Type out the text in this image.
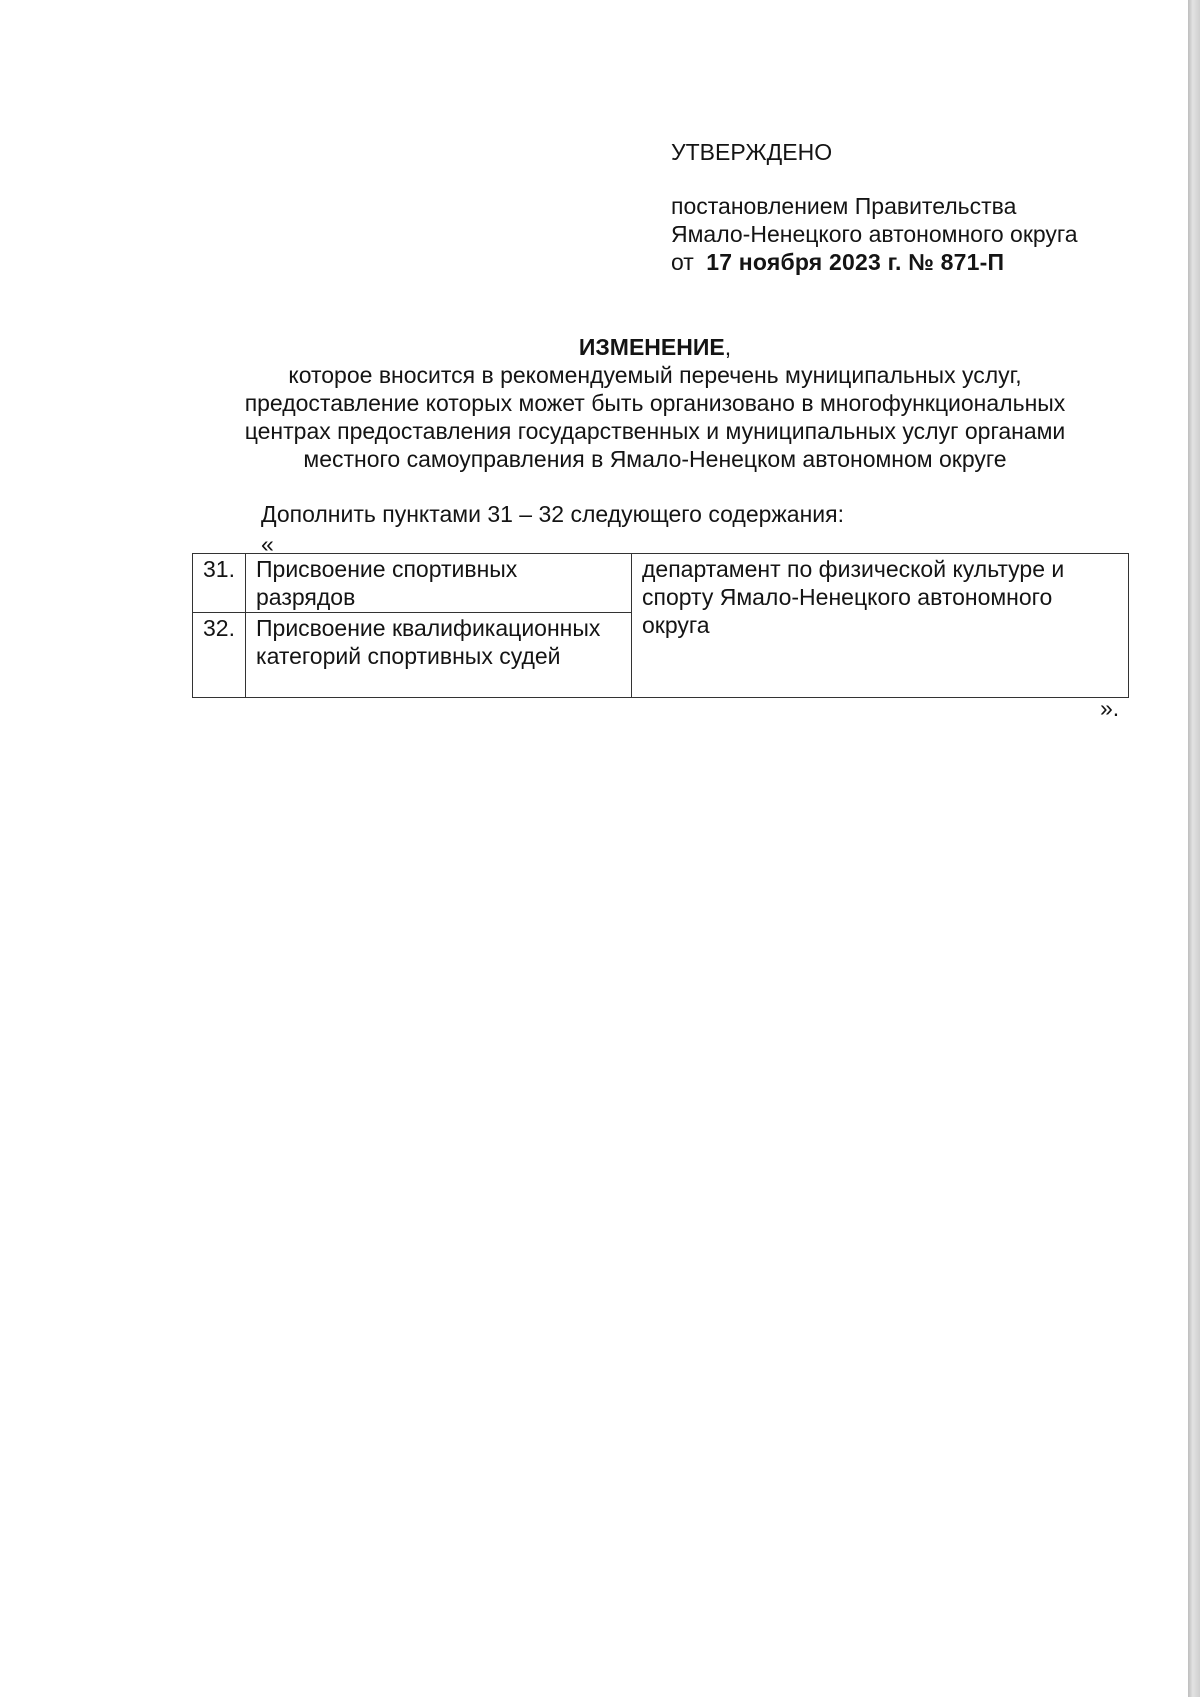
УТВЕРЖДЕНО
постановлением Правительства
Ямало-Ненецкого автономного округа
от 17 ноября 2023 г. № 871-П
ИЗМЕНЕНИЕ,
которое вносится в рекомендуемый перечень муниципальных услуг,
предоставление которых может быть организовано в многофункциональных
центрах предоставления государственных и муниципальных услуг органами
местного самоуправления в Ямало-Ненецком автономном округе
Дополнить пунктами 31 – 32 следующего содержания:
«
31.	Присвоение спортивных разрядов	департамент по физической культуре и спорту Ямало-Ненецкого автономного округа
32.	Присвоение квалификационных категорий спортивных судей	
».
